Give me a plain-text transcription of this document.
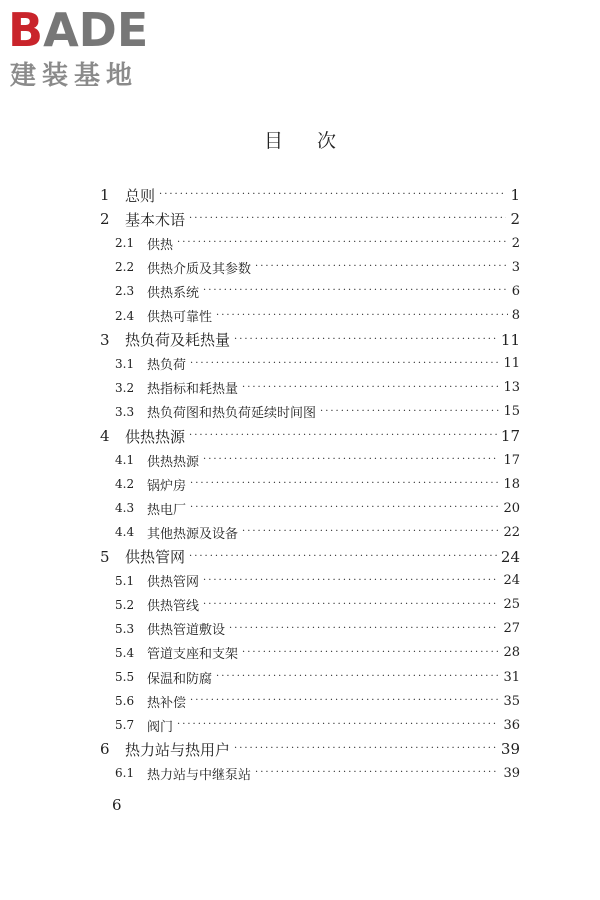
BADE
建装基地
目次
1	总则 ·····	1
2	基本术语 ·····	2
2.1 供热 ·····	2
2.2 供热介质及其参数 ·····	3
2.3 供热系统 ·····	6
2.4 供热可靠性 ·····	8
3	热负荷及耗热量 ·····	11
3.1 热负荷 ·····	11
3.2 热指标和耗热量 ·····	13
3.3 热负荷图和热负荷延续时间图 ·····	15
4	供热热源 ·····	17
4.1 供热热源 ·····	17
4.2 锅炉房 ·····	18
4.3 热电厂 ·····	20
4.4 其他热源及设备 ·····	22
5	供热管网 ·····	24
5.1 供热管网 ·····	24
5.2 供热管线 ·····	25
5.3 供热管道敷设 ·····	27
5.4 管道支座和支架 ·····	28
5.5 保温和防腐 ·····	31
5.6 热补偿 ·····	35
5.7 阀门 ·····	36
6	热力站与热用户 ·····	39
6.1 热力站与中继泵站 ·····	39
6
